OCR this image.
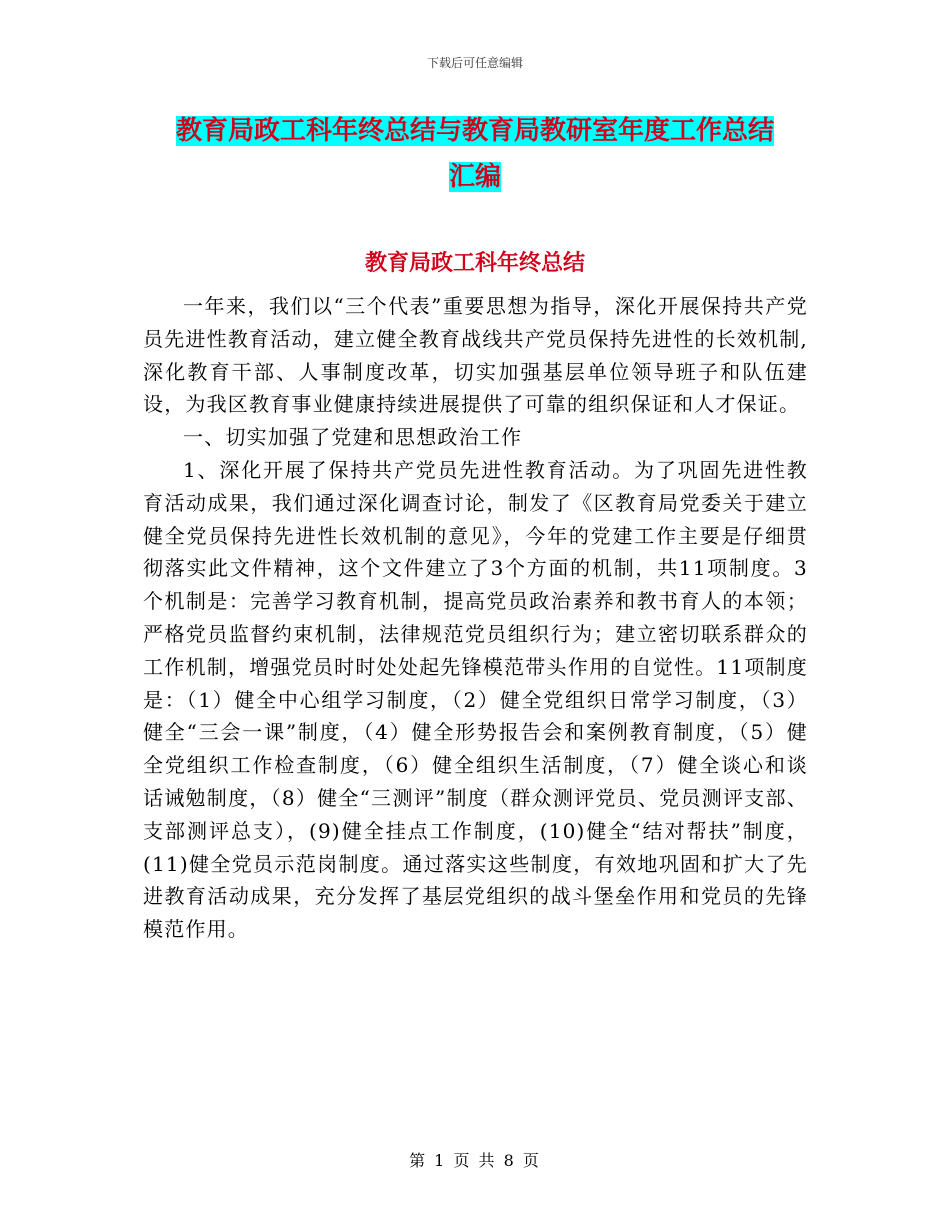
下载后可任意编辑
教育局政工科年终总结与教育局教研室年度工作总结
汇编
教育局政工科年终总结

一年来，我们以“三个代表”重要思想为指导，深化开展保持共产党员先进性教育活动，建立健全教育战线共产党员保持先进性的长效机制,深化教育干部、人事制度改革，切实加强基层单位领导班子和队伍建设，为我区教育事业健康持续进展提供了可靠的组织保证和人才保证。

一、切实加强了党建和思想政治工作

1、深化开展了保持共产党员先进性教育活动。为了巩固先进性教育活动成果，我们通过深化调查讨论，制发了《区教育局党委关于建立健全党员保持先进性长效机制的意见》，今年的党建工作主要是仔细贯彻落实此文件精神，这个文件建立了3个方面的机制，共11项制度。3个机制是：完善学习教育机制，提高党员政治素养和教书育人的本领；严格党员监督约束机制，法律规范党员组织行为；建立密切联系群众的工作机制，增强党员时时处处起先锋模范带头作用的自觉性。11项制度是：（1）健全中心组学习制度，（2）健全党组织日常学习制度，（3）健全“三会一课”制度，（4）健全形势报告会和案例教育制度，（5）健全党组织工作检查制度，（6）健全组织生活制度，（7）健全谈心和谈话诫勉制度，（8）健全“三测评”制度（群众测评党员、党员测评支部、支部测评总支），(9)健全挂点工作制度，(10)健全“结对帮扶”制度，(11)健全党员示范岗制度。通过落实这些制度，有效地巩固和扩大了先进教育活动成果，充分发挥了基层党组织的战斗堡垒作用和党员的先锋模范作用。

第 1 页 共 8 页
